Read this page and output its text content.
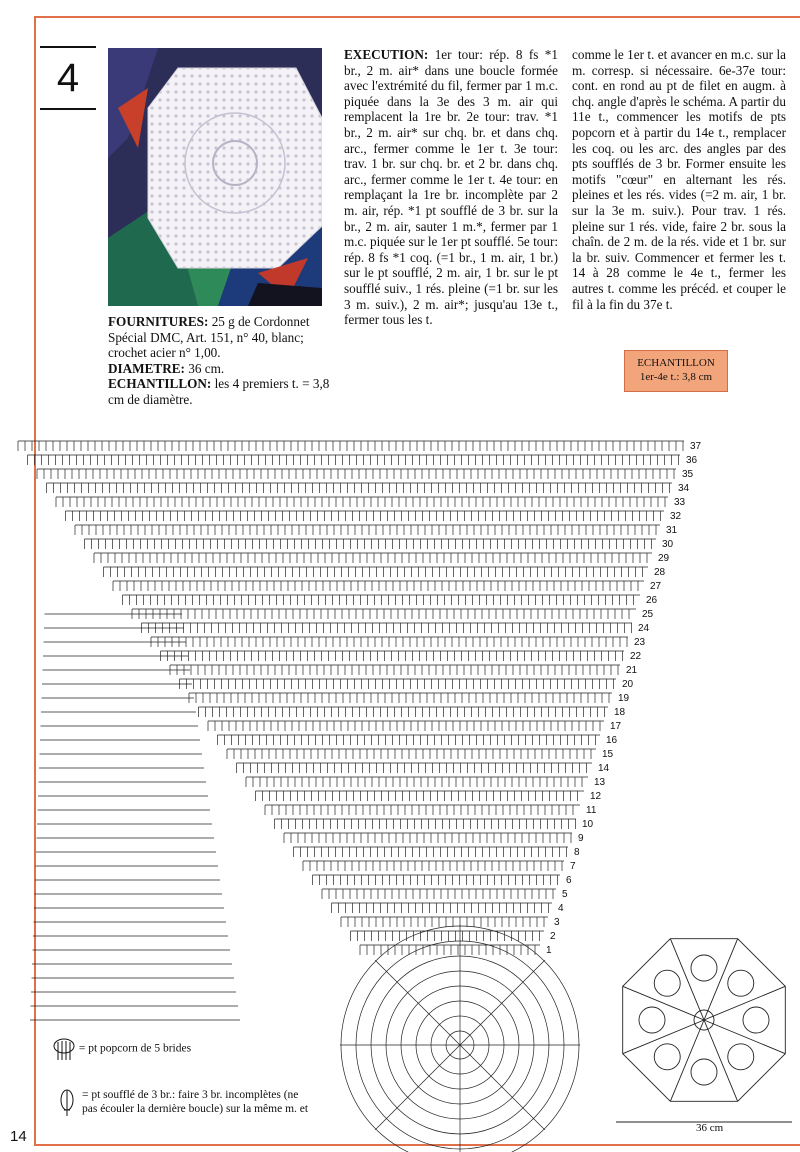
14
4
FOURNITURES: 25 g de Cordonnet Spécial DMC, Art. 151, n° 40, blanc; crochet acier n° 1,00.
DIAMETRE: 36 cm.
ECHANTILLON: les 4 premiers t. = 3,8 cm de diamètre.
EXECUTION: 1er tour: rép. 8 fs *1 br., 2 m. air* dans une boucle formée avec l'extrémité du fil, fermer par 1 m.c. piquée dans la 3e des 3 m. air qui remplacent la 1re br. 2e tour: trav. *1 br., 2 m. air* sur chq. br. et dans chq. arc., fermer comme le 1er t. 3e tour: trav. 1 br. sur chq. br. et 2 br. dans chq. arc., fermer comme le 1er t. 4e tour: en remplaçant la 1re br. incomplète par 2 m. air, rép. *1 pt soufflé de 3 br. sur la br., 2 m. air, sauter 1 m.*, fermer par 1 m.c. piquée sur le 1er pt soufflé. 5e tour: rép. 8 fs *1 coq. (=1 br., 1 m. air, 1 br.) sur le pt soufflé, 2 m. air, 1 br. sur le pt soufflé suiv., 1 rés. pleine (=1 br. sur les 3 m. suiv.), 2 m. air*; jusqu'au 13e t., fermer tous les t.
comme le 1er t. et avancer en m.c. sur la m. corresp. si nécessaire. 6e-37e tour: cont. en rond au pt de filet en augm. à chq. angle d'après le schéma. A partir du 11e t., commencer les motifs de pts popcorn et à partir du 14e t., remplacer les coq. ou les arc. des angles par des pts soufflés de 3 br. Former ensuite les motifs "cœur" en alternant les rés. pleines et les rés. vides (=2 m. air, 1 br. sur la 3e m. suiv.). Pour trav. 1 rés. pleine sur 1 rés. vide, faire 2 br. sous la chaîn. de 2 m. de la rés. vide et 1 br. sur la br. suiv. Commencer et fermer les t. 14 à 28 comme le 4e t., fermer les autres t. comme les précéd. et couper le fil à la fin du 37e t.
ECHANTILLON
1er-4e t.: 3,8 cm
1
2
3
4
5
6
7
8
9
10
11
12
13
14
15
16
17
18
19
20
21
22
23
24
25
26
27
28
29
30
31
32
33
34
35
36
37
= pt popcorn de 5 brides
= pt soufflé de 3 br.: faire 3 br. incomplètes (ne
pas écouler la dernière boucle) sur la même m. et
36 cm
